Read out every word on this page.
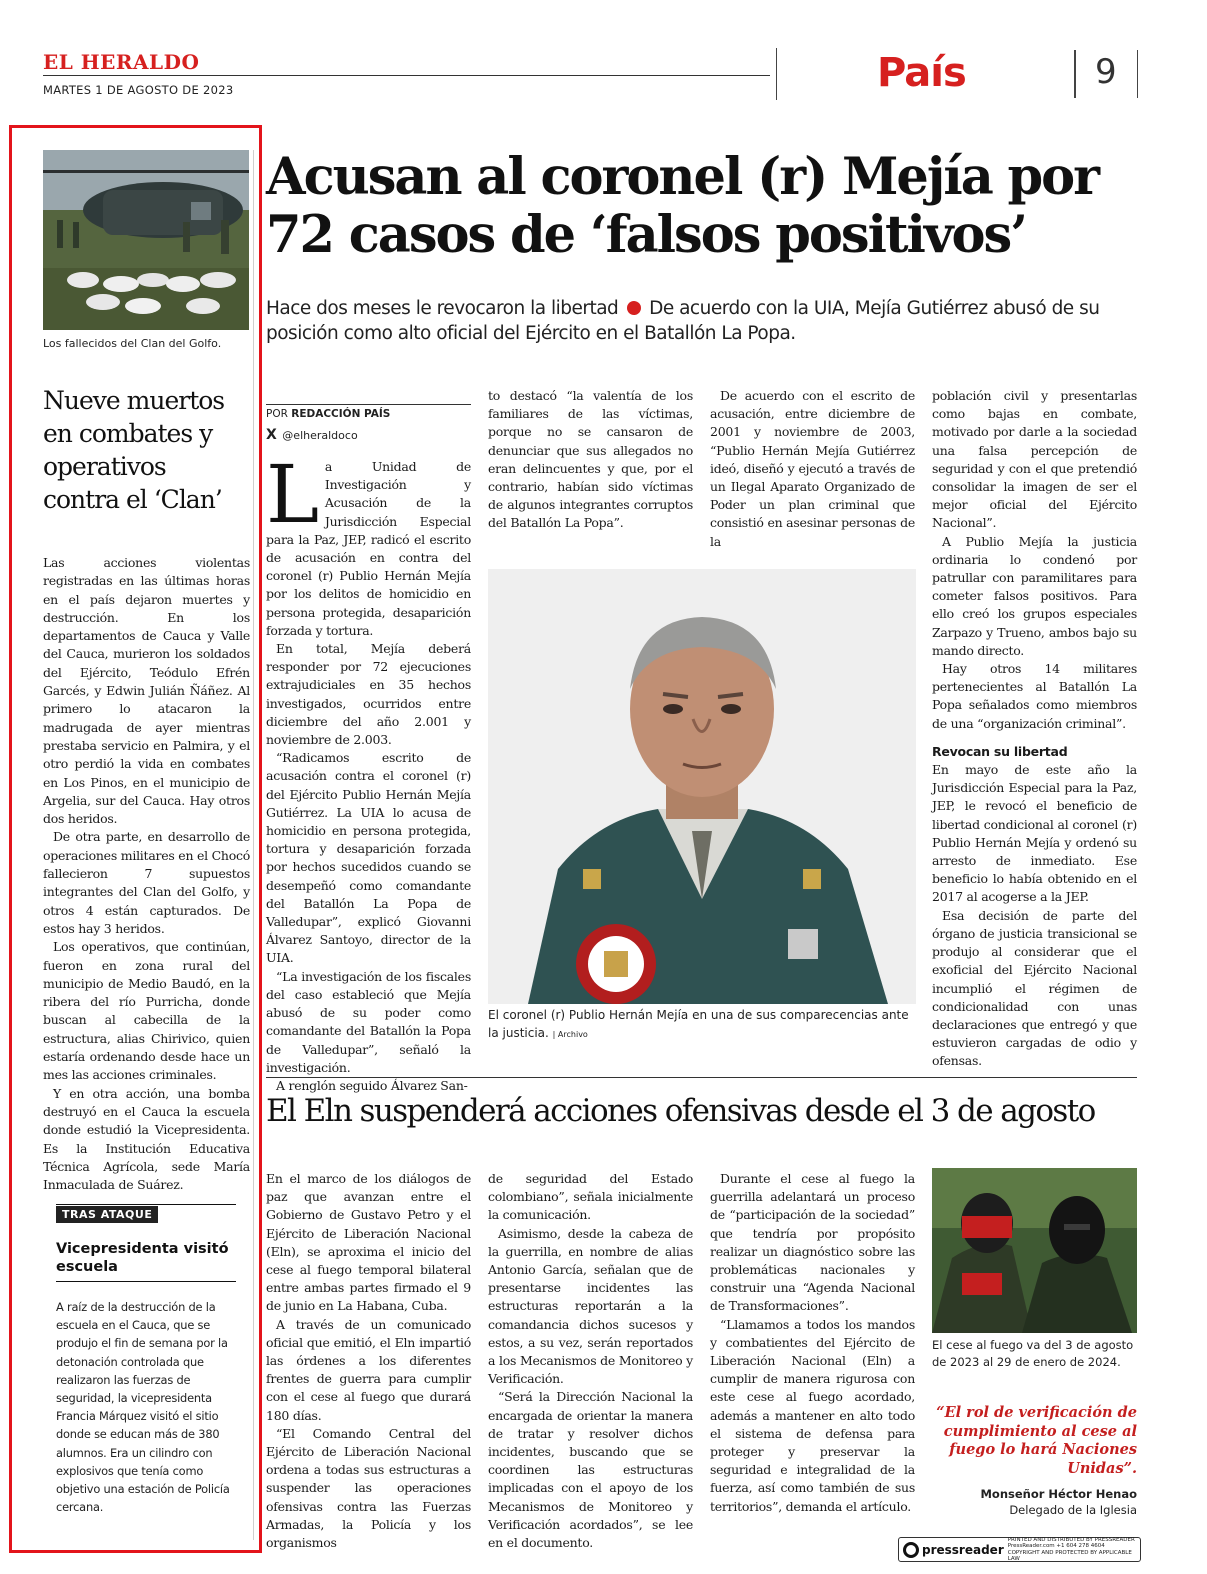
EL HERALDO
MARTES 1 DE AGOSTO DE 2023	País	9
Los fallecidos del Clan del Golfo.
Nueve muertos en combates y operativos contra el ‘Clan’

Las acciones violentas registradas en las últimas horas en el país dejaron muertes y destrucción. En los departamentos de Cauca y Valle del Cauca, murieron los soldados del Ejército, Teódulo Efrén Garcés, y Edwin Julián Ñáñez. Al primero lo atacaron la madrugada de ayer mientras prestaba servicio en Palmira, y el otro perdió la vida en combates en Los Pinos, en el municipio de Argelia, sur del Cauca. Hay otros dos heridos.

De otra parte, en desarrollo de operaciones militares en el Chocó fallecieron 7 supuestos integrantes del Clan del Golfo, y otros 4 están capturados. De estos hay 3 heridos.

Los operativos, que continúan, fueron en zona rural del municipio de Medio Baudó, en la ribera del río Purricha, donde buscan al cabecilla de la estructura, alias Chirivico, quien estaría ordenando desde hace un mes las acciones criminales.

Y en otra acción, una bomba destruyó en el Cauca la escuela donde estudió la Vicepresidenta. Es la Institución Educativa Técnica Agrícola, sede María Inmaculada de Suárez.

TRAS ATAQUE
Vicepresidenta visitó escuela
A raíz de la destrucción de la escuela en el Cauca, que se produjo el fin de semana por la detonación controlada que realizaron las fuerzas de seguridad, la vicepresidenta Francia Márquez visitó el sitio donde se educan más de 380 alumnos. Era un cilindro con explosivos que tenía como objetivo una estación de Policía cercana.
Acusan al coronel (r) Mejía por 72 casos de ‘falsos positivos’
Hace dos meses le revocaron la libertad De acuerdo con la UIA, Mejía Gutiérrez abusó de su posición como alto oficial del Ejército en el Batallón La Popa.
POR REDACCIÓN PAÍS
X @elheraldoco

La Unidad de Investigación y Acusación de la Jurisdicción Especial para la Paz, JEP, radicó el escrito de acusación en contra del coronel (r) Publio Hernán Mejía por los delitos de homicidio en persona protegida, desaparición forzada y tortura.

En total, Mejía deberá responder por 72 ejecuciones extrajudiciales en 35 hechos investigados, ocurridos entre diciembre del año 2.001 y noviembre de 2.003.

“Radicamos escrito de acusación contra el coronel (r) del Ejército Publio Hernán Mejía Gutiérrez. La UIA lo acusa de homicidio en persona protegida, tortura y desaparición forzada por hechos sucedidos cuando se desempeñó como comandante del Batallón La Popa de Valledupar”, explicó Giovanni Álvarez Santoyo, director de la UIA.

“La investigación de los fiscales del caso estableció que Mejía abusó de su poder como comandante del Batallón la Popa de Valledupar”, señaló la investigación.

A renglón seguido Álvarez San-

to destacó “la valentía de los familiares de las víctimas, porque no se cansaron de denunciar que sus allegados no eran delincuentes y que, por el contrario, habían sido víctimas de algunos integrantes corruptos del Batallón La Popa”.

De acuerdo con el escrito de acusación, entre diciembre de 2001 y noviembre de 2003, “Publio Hernán Mejía Gutiérrez ideó, diseñó y ejecutó a través de un Ilegal Aparato Organizado de Poder un plan criminal que consistió en asesinar personas de la

población civil y presentarlas como bajas en combate, motivado por darle a la sociedad una falsa percepción de seguridad y con el que pretendió consolidar la imagen de ser el mejor oficial del Ejército Nacional”.

A Publio Mejía la justicia ordinaria lo condenó por patrullar con paramilitares para cometer falsos positivos. Para ello creó los grupos especiales Zarpazo y Trueno, ambos bajo su mando directo.

Hay otros 14 militares pertenecientes al Batallón La Popa señalados como miembros de una “organización criminal”.

Revocan su libertad

En mayo de este año la Jurisdicción Especial para la Paz, JEP, le revocó el beneficio de libertad condicional al coronel (r) Publio Hernán Mejía y ordenó su arresto de inmediato. Ese beneficio lo había obtenido en el 2017 al acogerse a la JEP.

Esa decisión de parte del órgano de justicia transicional se produjo al considerar que el exoficial del Ejército Nacional incumplió el régimen de condicionalidad con unas declaraciones que entregó y que estuvieron cargadas de odio y ofensas.

El coronel (r) Publio Hernán Mejía en una de sus comparecencias ante la justicia. | Archivo
El Eln suspenderá acciones ofensivas desde el 3 de agosto

En el marco de los diálogos de paz que avanzan entre el Gobierno de Gustavo Petro y el Ejército de Liberación Nacional (Eln), se aproxima el inicio del cese al fuego temporal bilateral entre ambas partes firmado el 9 de junio en La Habana, Cuba.

A través de un comunicado oficial que emitió, el Eln impartió las órdenes a los diferentes frentes de guerra para cumplir con el cese al fuego que durará 180 días.

“El Comando Central del Ejército de Liberación Nacional ordena a todas sus estructuras a suspender las operaciones ofensivas contra las Fuerzas Armadas, la Policía y los organismos

de seguridad del Estado colombiano”, señala inicialmente la comunicación.

Asimismo, desde la cabeza de la guerrilla, en nombre de alias Antonio García, señalan que de presentarse incidentes las estructuras reportarán a la comandancia dichos sucesos y estos, a su vez, serán reportados a los Mecanismos de Monitoreo y Verificación.

“Será la Dirección Nacional la encargada de orientar la manera de tratar y resolver dichos incidentes, buscando que se coordinen las estructuras implicadas con el apoyo de los Mecanismos de Monitoreo y Verificación acordados”, se lee en el documento.

Durante el cese al fuego la guerrilla adelantará un proceso de “participación de la sociedad” que tendría por propósito realizar un diagnóstico sobre las problemáticas nacionales y construir una “Agenda Nacional de Transformaciones”.

“Llamamos a todos los mandos y combatientes del Ejército de Liberación Nacional (Eln) a cumplir de manera rigurosa con este cese al fuego acordado, además a mantener en alto todo el sistema de defensa para proteger y preservar la seguridad e integralidad de la fuerza, así como también de sus territorios”, demanda el artículo.

El cese al fuego va del 3 de agosto de 2023 al 29 de enero de 2024.
“El rol de verificación de cumplimiento al cese al fuego lo hará Naciones Unidas”.
Monseñor Héctor Henao
Delegado de la Iglesia
pressreader
PRINTED AND DISTRIBUTED BY PRESSREADER
PressReader.com +1 604 278 4604
COPYRIGHT AND PROTECTED BY APPLICABLE LAW
